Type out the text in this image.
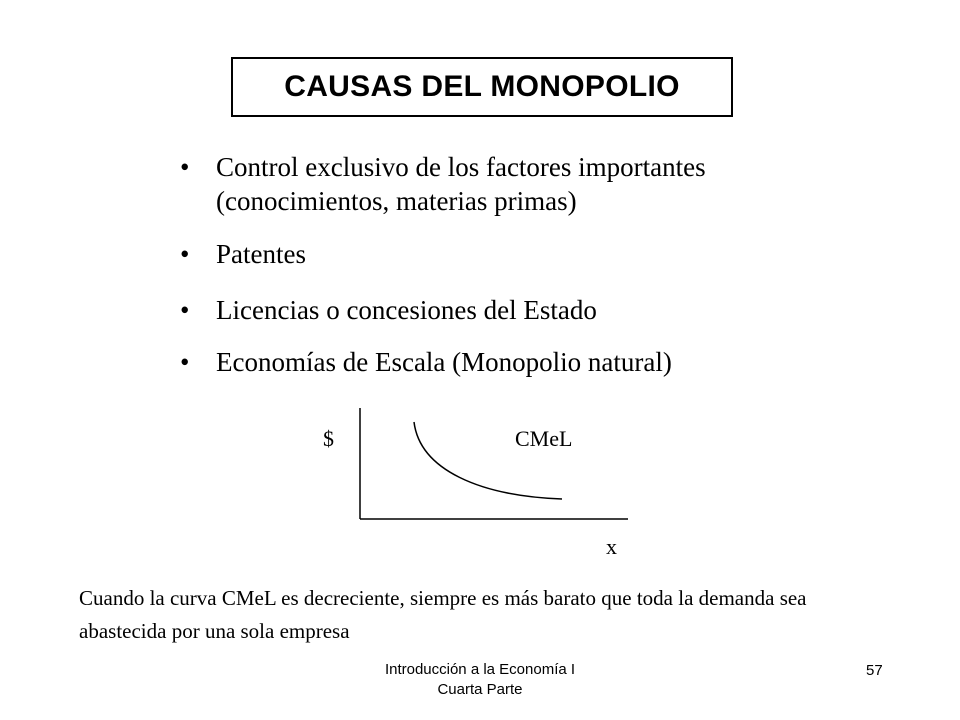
CAUSAS DEL MONOPOLIO
• Control exclusivo de los factores importantes
(conocimientos, materias primas)
• Patentes
• Licencias o concesiones del Estado
• Economías de Escala (Monopolio natural)
$	CMeL
x
Cuando la curva CMeL es decreciente, siempre es más barato que toda la demanda sea abastecida por una sola empresa
Introducción a la Economía I
Cuarta Parte
57
